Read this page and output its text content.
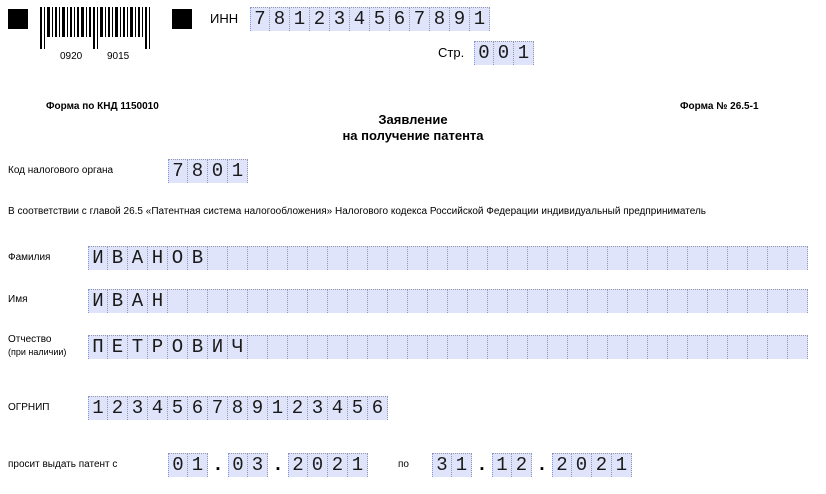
0920 9015
ИНН 7 8 1 2 3 4 5 6 7 8 9 1
Стр. 0 0 1
Форма по КНД 1150010
Заявление
на получение патента
Форма № 26.5-1
Код налогового органа	7 8 0 1
В соответствии с главой 26.5 «Патентная система налогообложения» Налогового кодекса Российской Федерации индивидуальный предприниматель
Фамилия И В А Н О В
Имя	И В А Н
Отчество
(при наличии) П Е Т Р О В И Ч
ОГРНИП 1 2 3 4 5 6 7 8 9 1 2 3 4 5 6
просит выдать патент с	0 1 . 0 3 . 2 0 2 1	по 3 1 . 1 2 . 2 0 2 1
